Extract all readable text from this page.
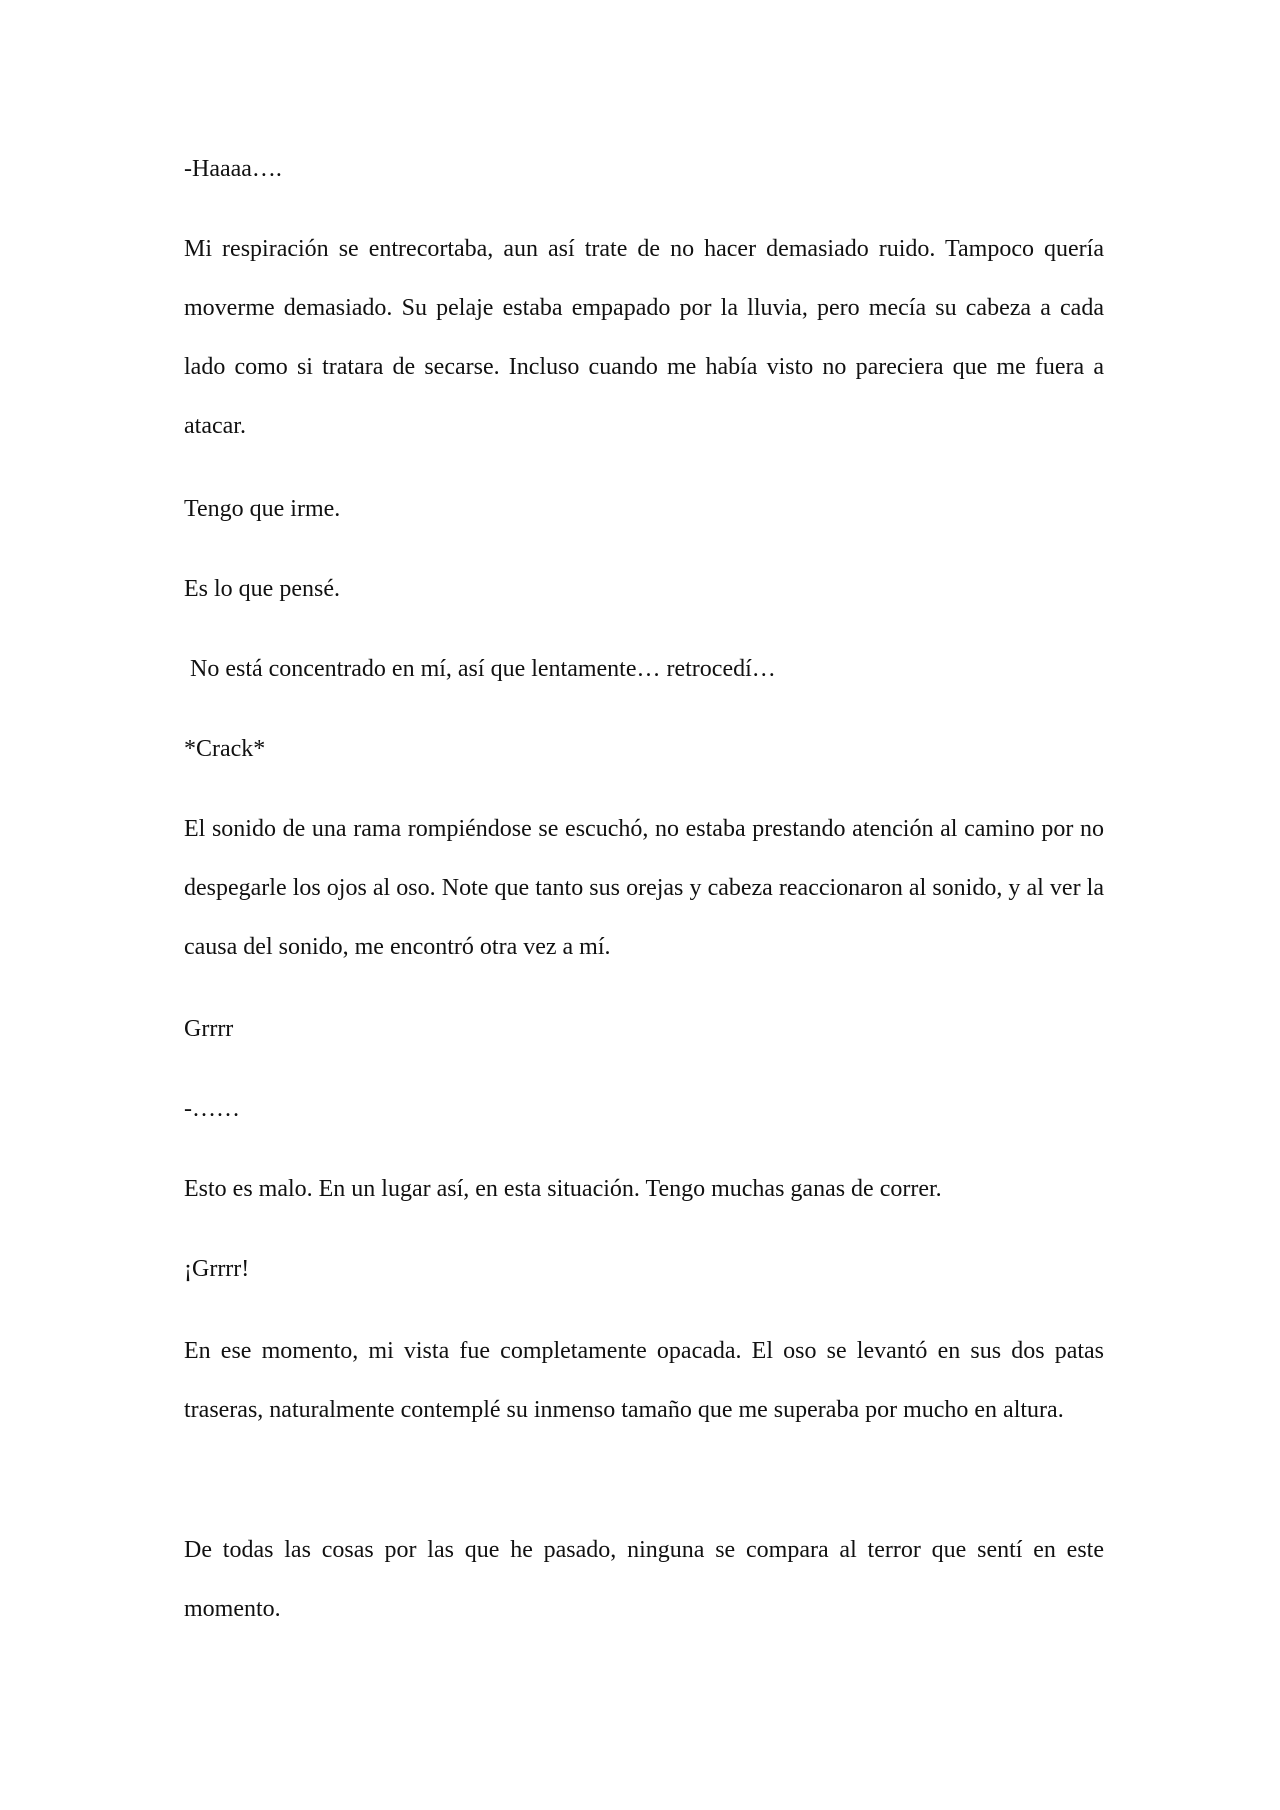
-Haaaa….

Mi respiración se entrecortaba, aun así trate de no hacer demasiado ruido. Tampoco quería moverme demasiado. Su pelaje estaba empapado por la lluvia, pero mecía su cabeza a cada lado como si tratara de secarse. Incluso cuando me había visto no pareciera que me fuera a atacar.

Tengo que irme.

Es lo que pensé.

No está concentrado en mí, así que lentamente… retrocedí…

*Crack*

El sonido de una rama rompiéndose se escuchó, no estaba prestando atención al camino por no despegarle los ojos al oso. Note que tanto sus orejas y cabeza reaccionaron al sonido, y al ver la causa del sonido, me encontró otra vez a mí.

Grrrr

-……

Esto es malo. En un lugar así, en esta situación. Tengo muchas ganas de correr.

¡Grrrr!

En ese momento, mi vista fue completamente opacada. El oso se levantó en sus dos patas traseras, naturalmente contemplé su inmenso tamaño que me superaba por mucho en altura.

De todas las cosas por las que he pasado, ninguna se compara al terror que sentí en este momento.
